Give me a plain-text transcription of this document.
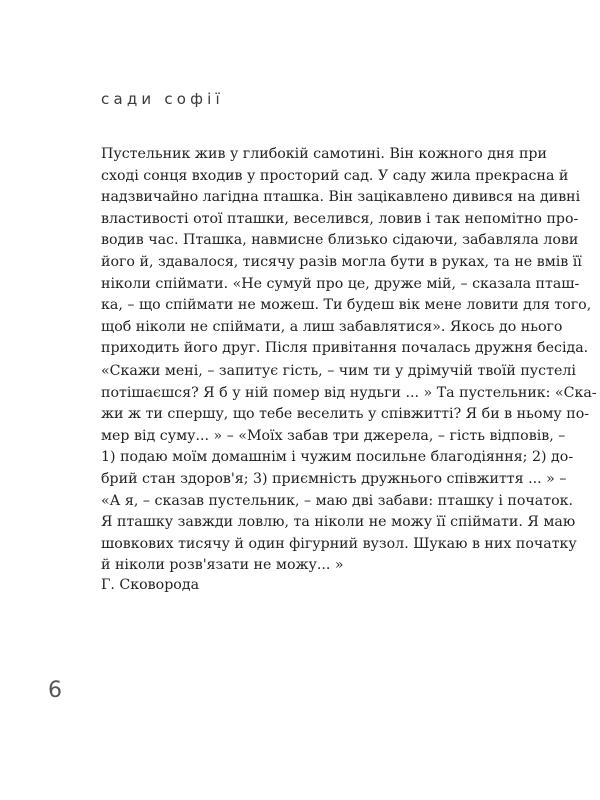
сади софії
Пустельник жив у глибокій самотині. Він кожного дня при
сході сонця входив у просторий сад. У саду жила прекрасна й
надзвичайно лагідна пташка. Він зацікавлено дивився на дивні
властивості отої пташки, веселився, ловив і так непомітно про-
водив час. Пташка, навмисне близько сідаючи, забавляла лови
його й, здавалося, тисячу разів могла бути в руках, та не вмів її
ніколи спіймати. «Не сумуй про це, друже мій, – сказала пташ-
ка, – що спіймати не можеш. Ти будеш вік мене ловити для того,
щоб ніколи не спіймати, а лиш забавлятися». Якось до нього
приходить його друг. Після привітання почалась дружня бесіда.
«Скажи мені, – запитує гість, – чим ти у дрімучій твоїй пустелі
потішаєшся? Я б у ній помер від нудьги ... » Та пустельник: «Ска-
жи ж ти спершу, що тебе веселить у співжитті? Я би в ньому по-
мер від суму... » – «Моїх забав три джерела, – гість відповів, –
1) подаю моїм домашнім і чужим посильне благодіяння; 2) до-
брий стан здоров'я; 3) приємність дружнього співжиття ... » –
«А я, – сказав пустельник, – маю дві забави: пташку і початок.
Я пташку завжди ловлю, та ніколи не можу її спіймати. Я маю
шовкових тисячу й один фігурний вузол. Шукаю в них початку
й ніколи розв'язати не можу... »
Г. Сковорода
6
